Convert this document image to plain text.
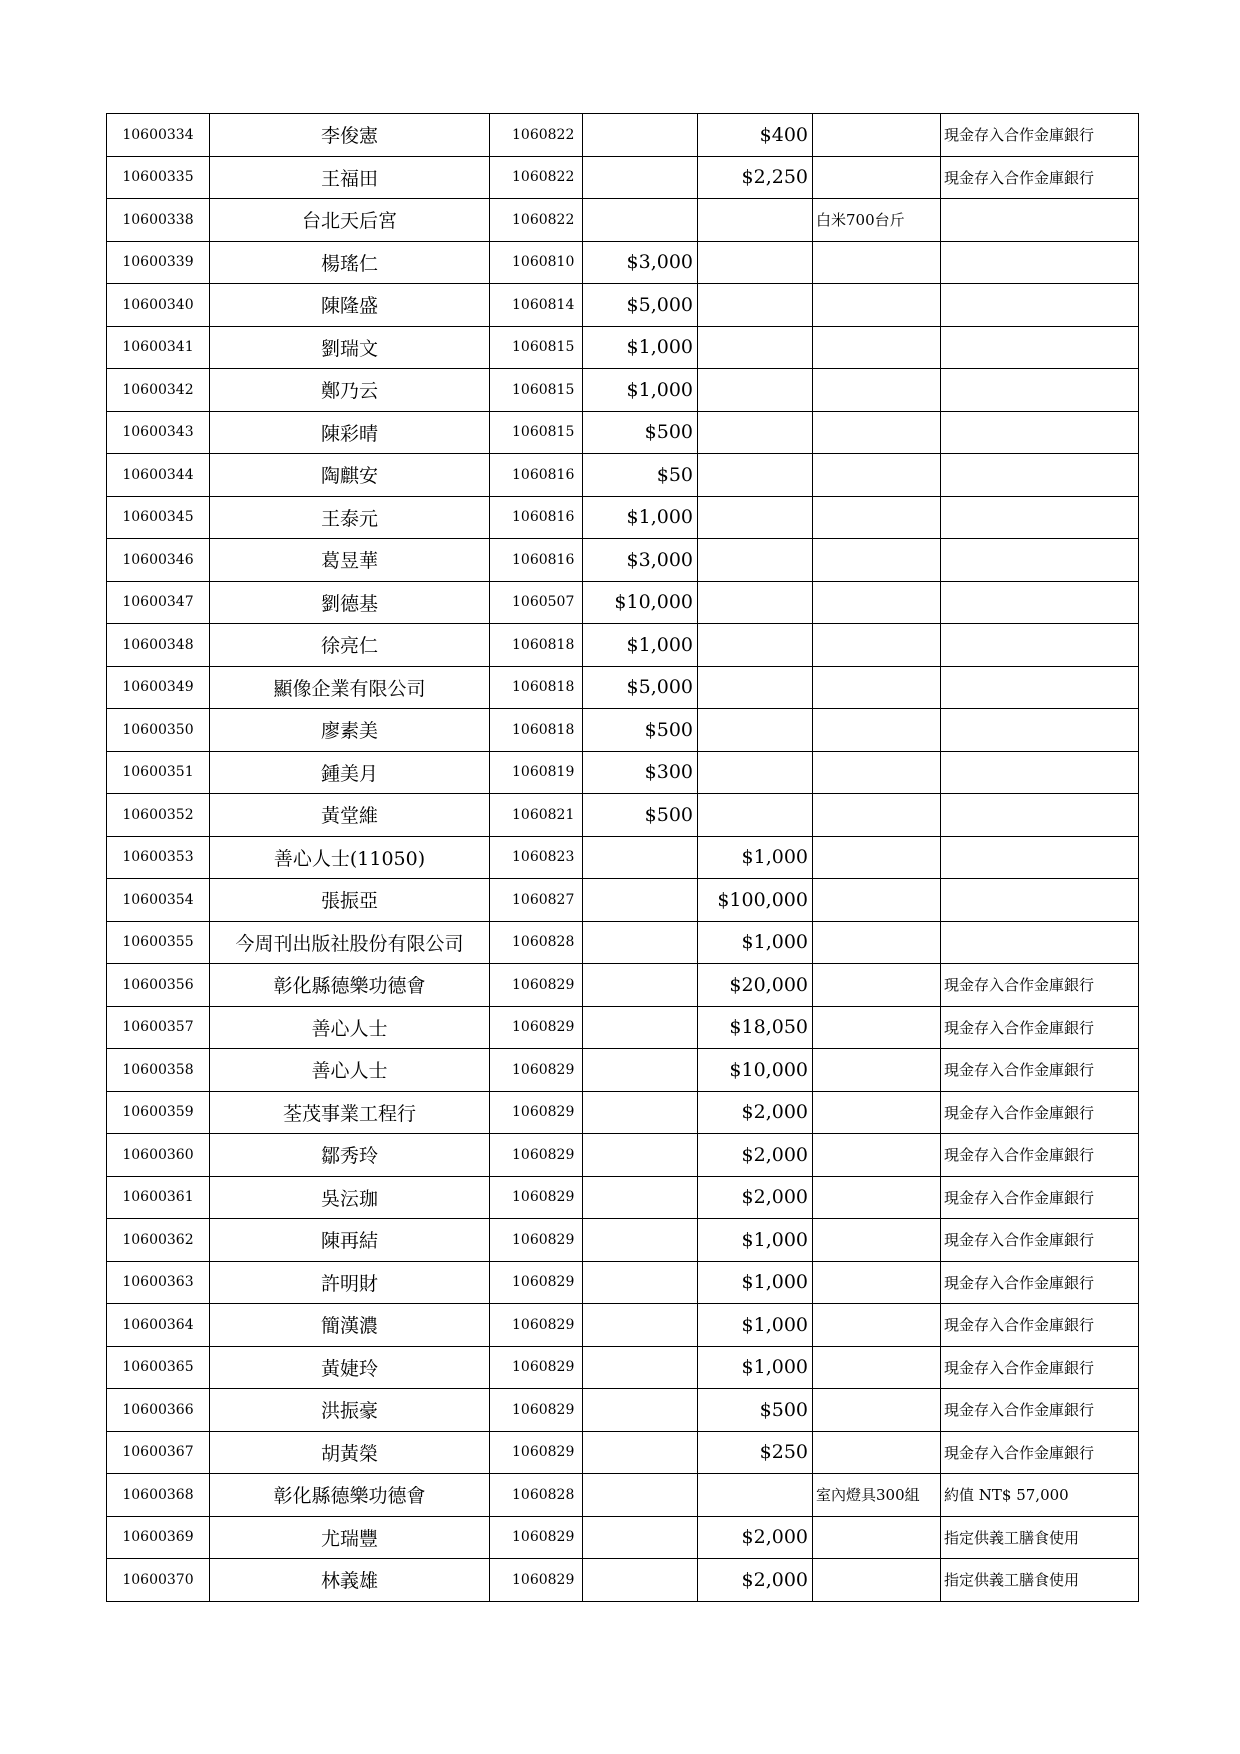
10600334	李俊憲	1060822		$400		現金存入合作金庫銀行
10600335	王福田	1060822		$2,250		現金存入合作金庫銀行
10600338	台北天后宮	1060822			白米700台斤	
10600339	楊瑤仁	1060810	$3,000			
10600340	陳隆盛	1060814	$5,000			
10600341	劉瑞文	1060815	$1,000			
10600342	鄭乃云	1060815	$1,000			
10600343	陳彩晴	1060815	$500			
10600344	陶麒安	1060816	$50			
10600345	王泰元	1060816	$1,000			
10600346	葛昱華	1060816	$3,000			
10600347	劉德基	1060507	$10,000			
10600348	徐亮仁	1060818	$1,000			
10600349	顯像企業有限公司	1060818	$5,000			
10600350	廖素美	1060818	$500			
10600351	鍾美月	1060819	$300			
10600352	黃堂維	1060821	$500			
10600353	善心人士(11050)	1060823		$1,000		
10600354	張振亞	1060827		$100,000		
10600355	今周刊出版社股份有限公司	1060828		$1,000		
10600356	彰化縣德樂功德會	1060829		$20,000		現金存入合作金庫銀行
10600357	善心人士	1060829		$18,050		現金存入合作金庫銀行
10600358	善心人士	1060829		$10,000		現金存入合作金庫銀行
10600359	荃茂事業工程行	1060829		$2,000		現金存入合作金庫銀行
10600360	鄒秀玲	1060829		$2,000		現金存入合作金庫銀行
10600361	吳沄珈	1060829		$2,000		現金存入合作金庫銀行
10600362	陳再結	1060829		$1,000		現金存入合作金庫銀行
10600363	許明財	1060829		$1,000		現金存入合作金庫銀行
10600364	簡漢濃	1060829		$1,000		現金存入合作金庫銀行
10600365	黃婕玲	1060829		$1,000		現金存入合作金庫銀行
10600366	洪振豪	1060829		$500		現金存入合作金庫銀行
10600367	胡黃榮	1060829		$250		現金存入合作金庫銀行
10600368	彰化縣德樂功德會	1060828			室內燈具300組	約值 NT$ 57,000
10600369	尤瑞豐	1060829		$2,000		指定供義工膳食使用
10600370	林義雄	1060829		$2,000		指定供義工膳食使用
